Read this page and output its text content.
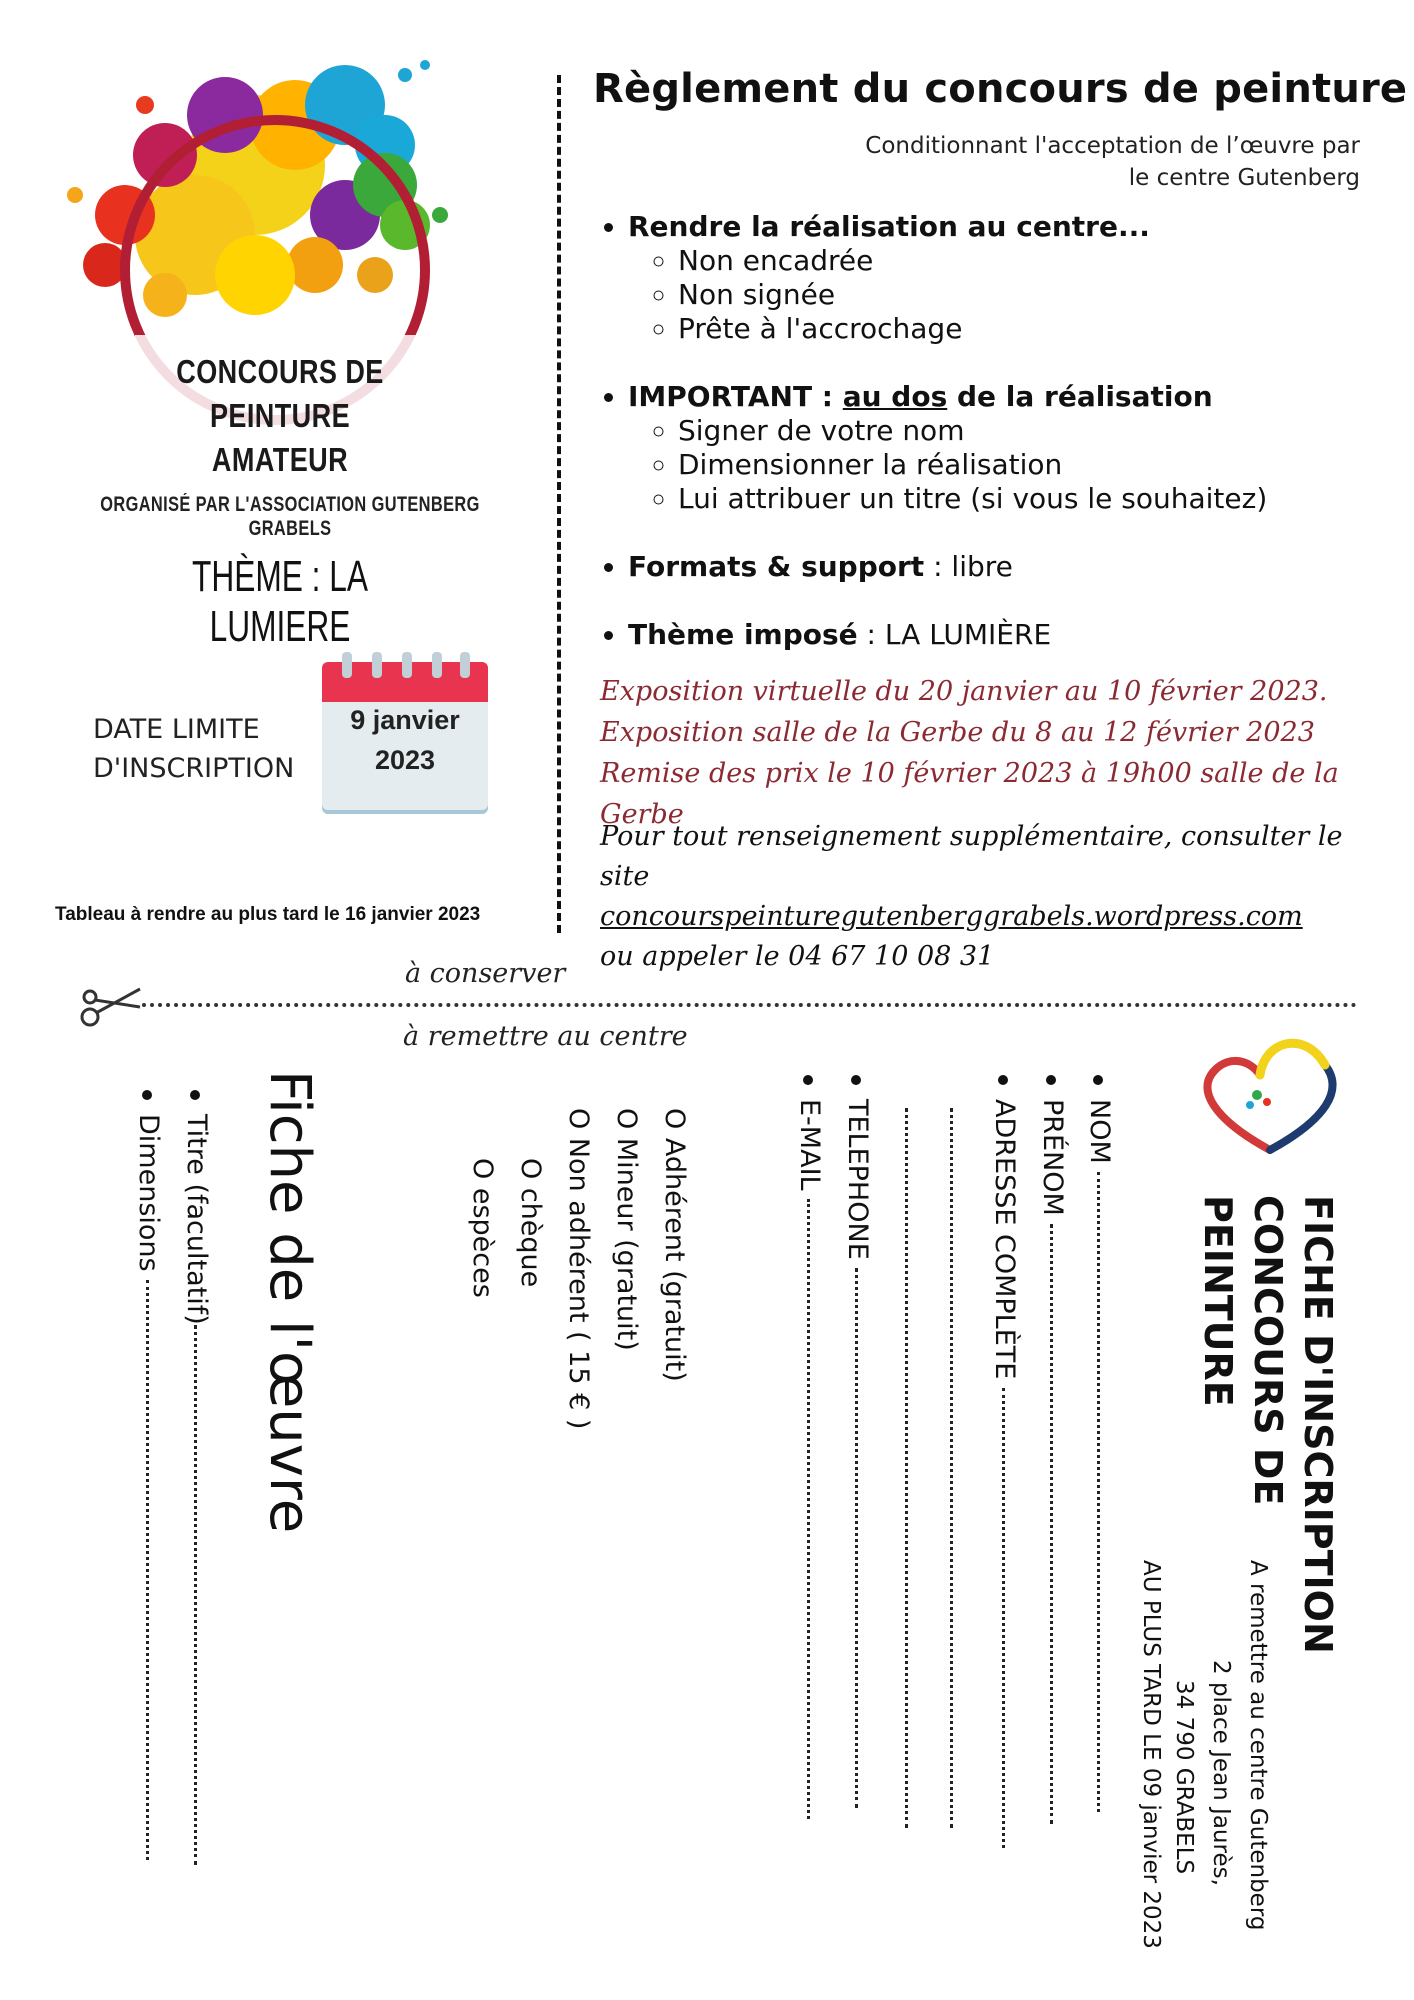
CONCOURS DE PEINTURE
AMATEUR
ORGANISÉ PAR L'ASSOCIATION GUTENBERG GRABELS
THÈME : LA LUMIERE
DATE LIMITE
D'INSCRIPTION
9 janvier
2023
Tableau à rendre au plus tard le 16 janvier 2023
Règlement du concours de peinture
Conditionnant l'acceptation de l’œuvre par
le centre Gutenberg
• Rendre la réalisation au centre...
◦ Non encadrée
◦ Non signée
◦ Prête à l'accrochage
• IMPORTANT : au dos de la réalisation
◦ Signer de votre nom
◦ Dimensionner la réalisation
◦ Lui attribuer un titre (si vous le souhaitez)
• Formats & support : libre
• Thème imposé : LA LUMIÈRE
Exposition virtuelle du 20 janvier au 10 février 2023.
Exposition salle de la Gerbe du 8 au 12 février 2023
Remise des prix le 10 février 2023 à 19h00 salle de la Gerbe
Pour tout renseignement supplémentaire, consulter le site
concourspeinturegutenberggrabels.wordpress.com
ou appeler le 04 67 10 08 31
à conserver
à remettre au centre
FICHE D'INSCRIPTION
CONCOURS DE
PEINTURE
A remettre au centre Gutenberg
2 place Jean Jaurès,
34 790 GRABELS
AU PLUS TARD LE 09 janvier 2023
NOM
PRÉNOM
ADRESSE COMPLÈTE
TELEPHONE
E-MAIL
O Adhérent (gratuit)
O Mineur (gratuit)
O Non adhérent ( 15 € )
O chèque
O espèces
Fiche de l'œuvre
Titre (facultatif)
Dimensions
